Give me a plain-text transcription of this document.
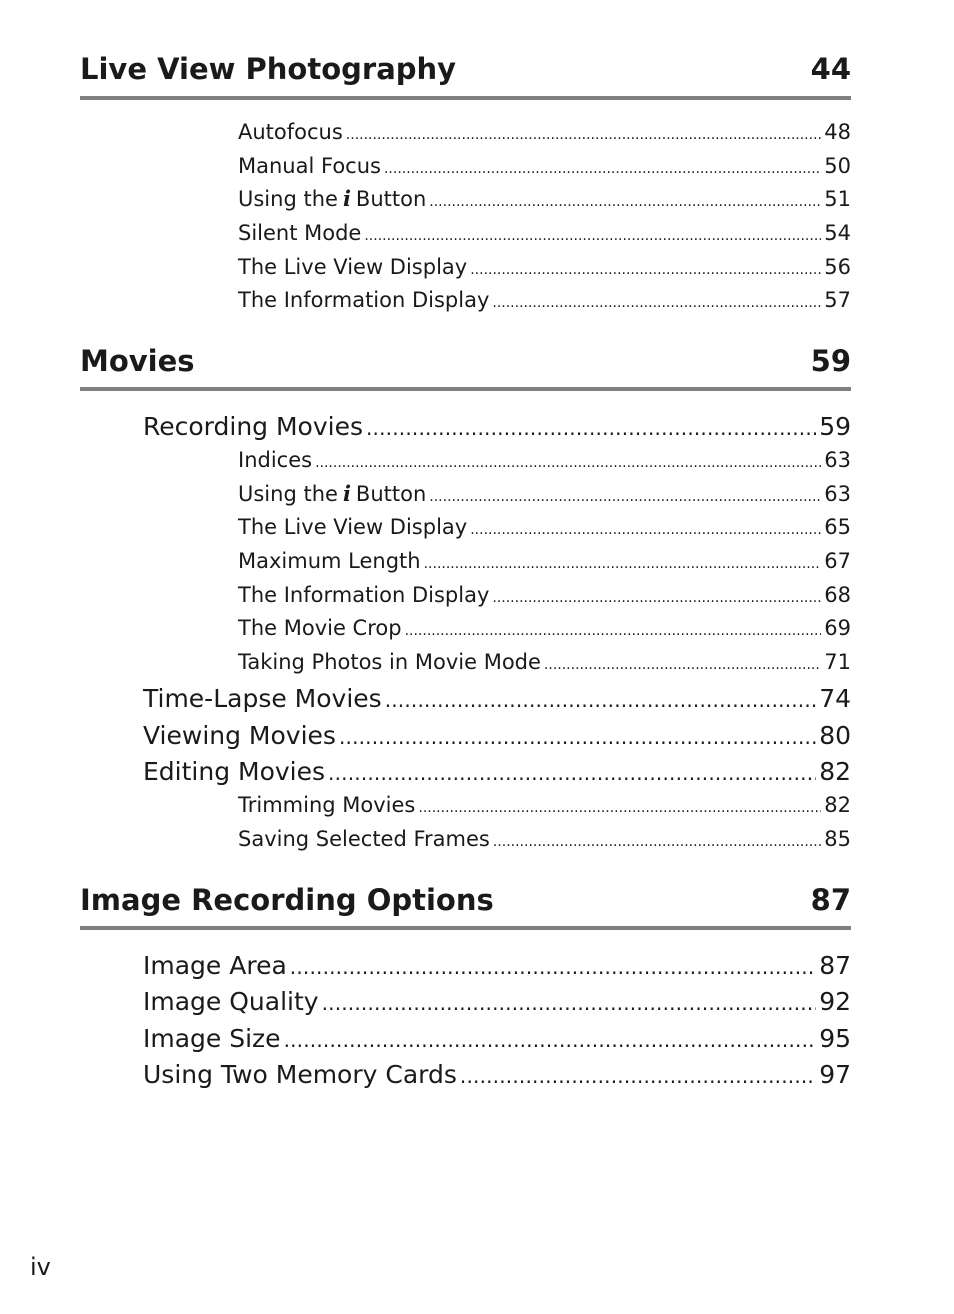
Live View Photography	44
Autofocus .....	48
Manual Focus .....	50
Using the i Button .....	51
Silent Mode .....	54
The Live View Display .....	56
The Information Display .....	57
Movies	59
Recording Movies .....	59
Indices .....	63
Using the i Button .....	63
The Live View Display .....	65
Maximum Length .....	67
The Information Display .....	68
The Movie Crop .....	69
Taking Photos in Movie Mode .....	71
Time-Lapse Movies .....	74
Viewing Movies .....	80
Editing Movies .....	82
Trimming Movies .....	82
Saving Selected Frames .....	85
Image Recording Options	87
Image Area .....	87
Image Quality .....	92
Image Size .....	95
Using Two Memory Cards .....	97
iv
